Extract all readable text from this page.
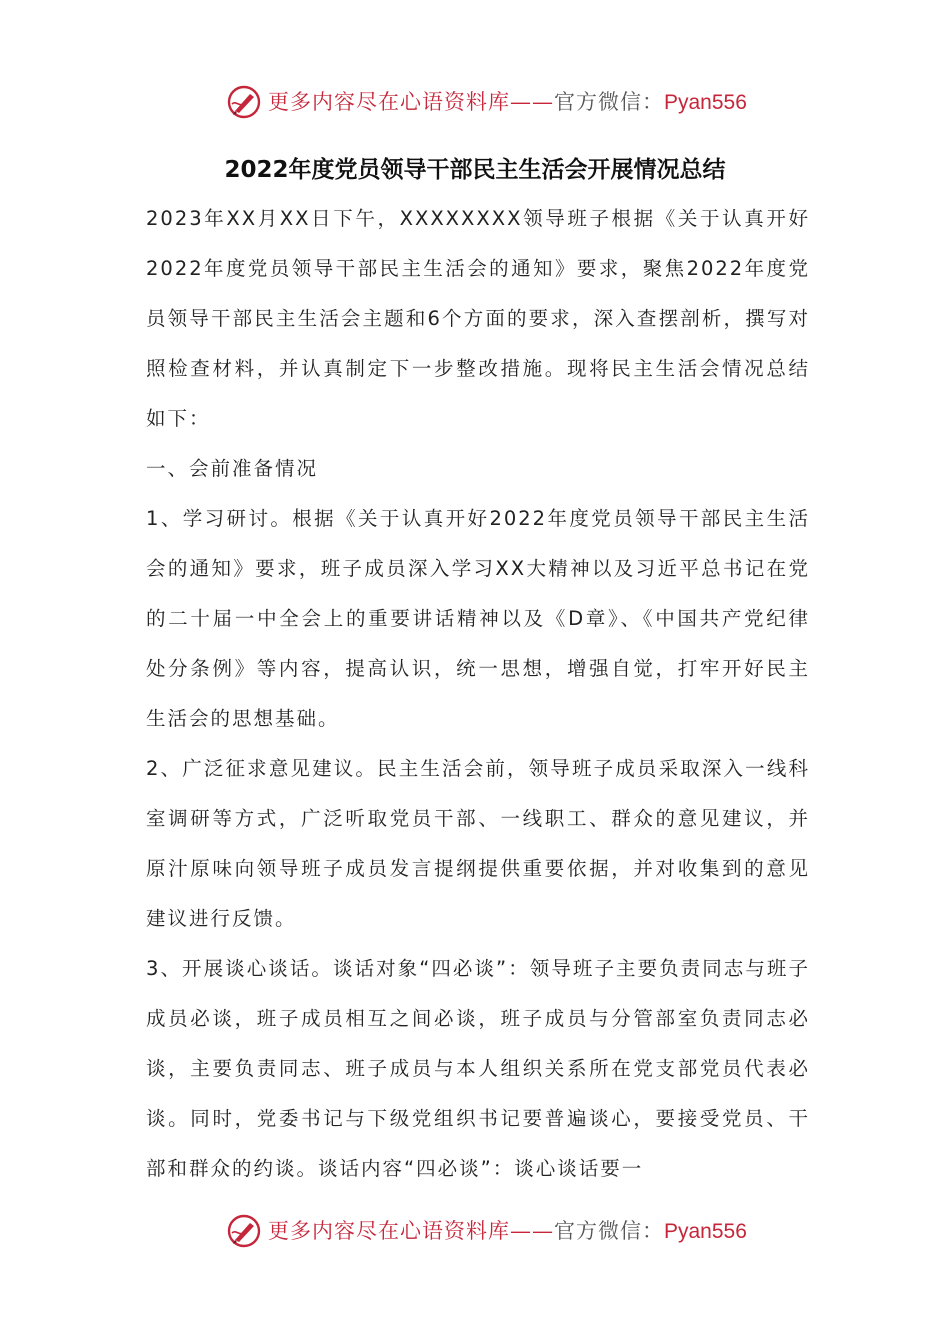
更多内容尽在心语资料库——官方微信：Pyan556
2022年度党员领导干部民主生活会开展情况总结

2023年XX月XX日下午，XXXXXXXX领导班子根据《关于认真开好2022年度党员领导干部民主生活会的通知》要求，聚焦2022年度党员领导干部民主生活会主题和6个方面的要求，深入查摆剖析，撰写对照检查材料，并认真制定下一步整改措施。现将民主生活会情况总结如下：

一、会前准备情况

1、学习研讨。根据《关于认真开好2022年度党员领导干部民主生活会的通知》要求，班子成员深入学习XX大精神以及习近平总书记在党的二十届一中全会上的重要讲话精神以及《D章》、《中国共产党纪律处分条例》等内容，提高认识，统一思想，增强自觉，打牢开好民主生活会的思想基础。

2、广泛征求意见建议。民主生活会前，领导班子成员采取深入一线科室调研等方式，广泛听取党员干部、一线职工、群众的意见建议，并原汁原味向领导班子成员发言提纲提供重要依据，并对收集到的意见建议进行反馈。

3、开展谈心谈话。谈话对象“四必谈”：领导班子主要负责同志与班子成员必谈，班子成员相互之间必谈，班子成员与分管部室负责同志必谈，主要负责同志、班子成员与本人组织关系所在党支部党员代表必谈。同时，党委书记与下级党组织书记要普遍谈心，要接受党员、干部和群众的约谈。谈话内容“四必谈”：谈心谈话要一

更多内容尽在心语资料库——官方微信：Pyan556
